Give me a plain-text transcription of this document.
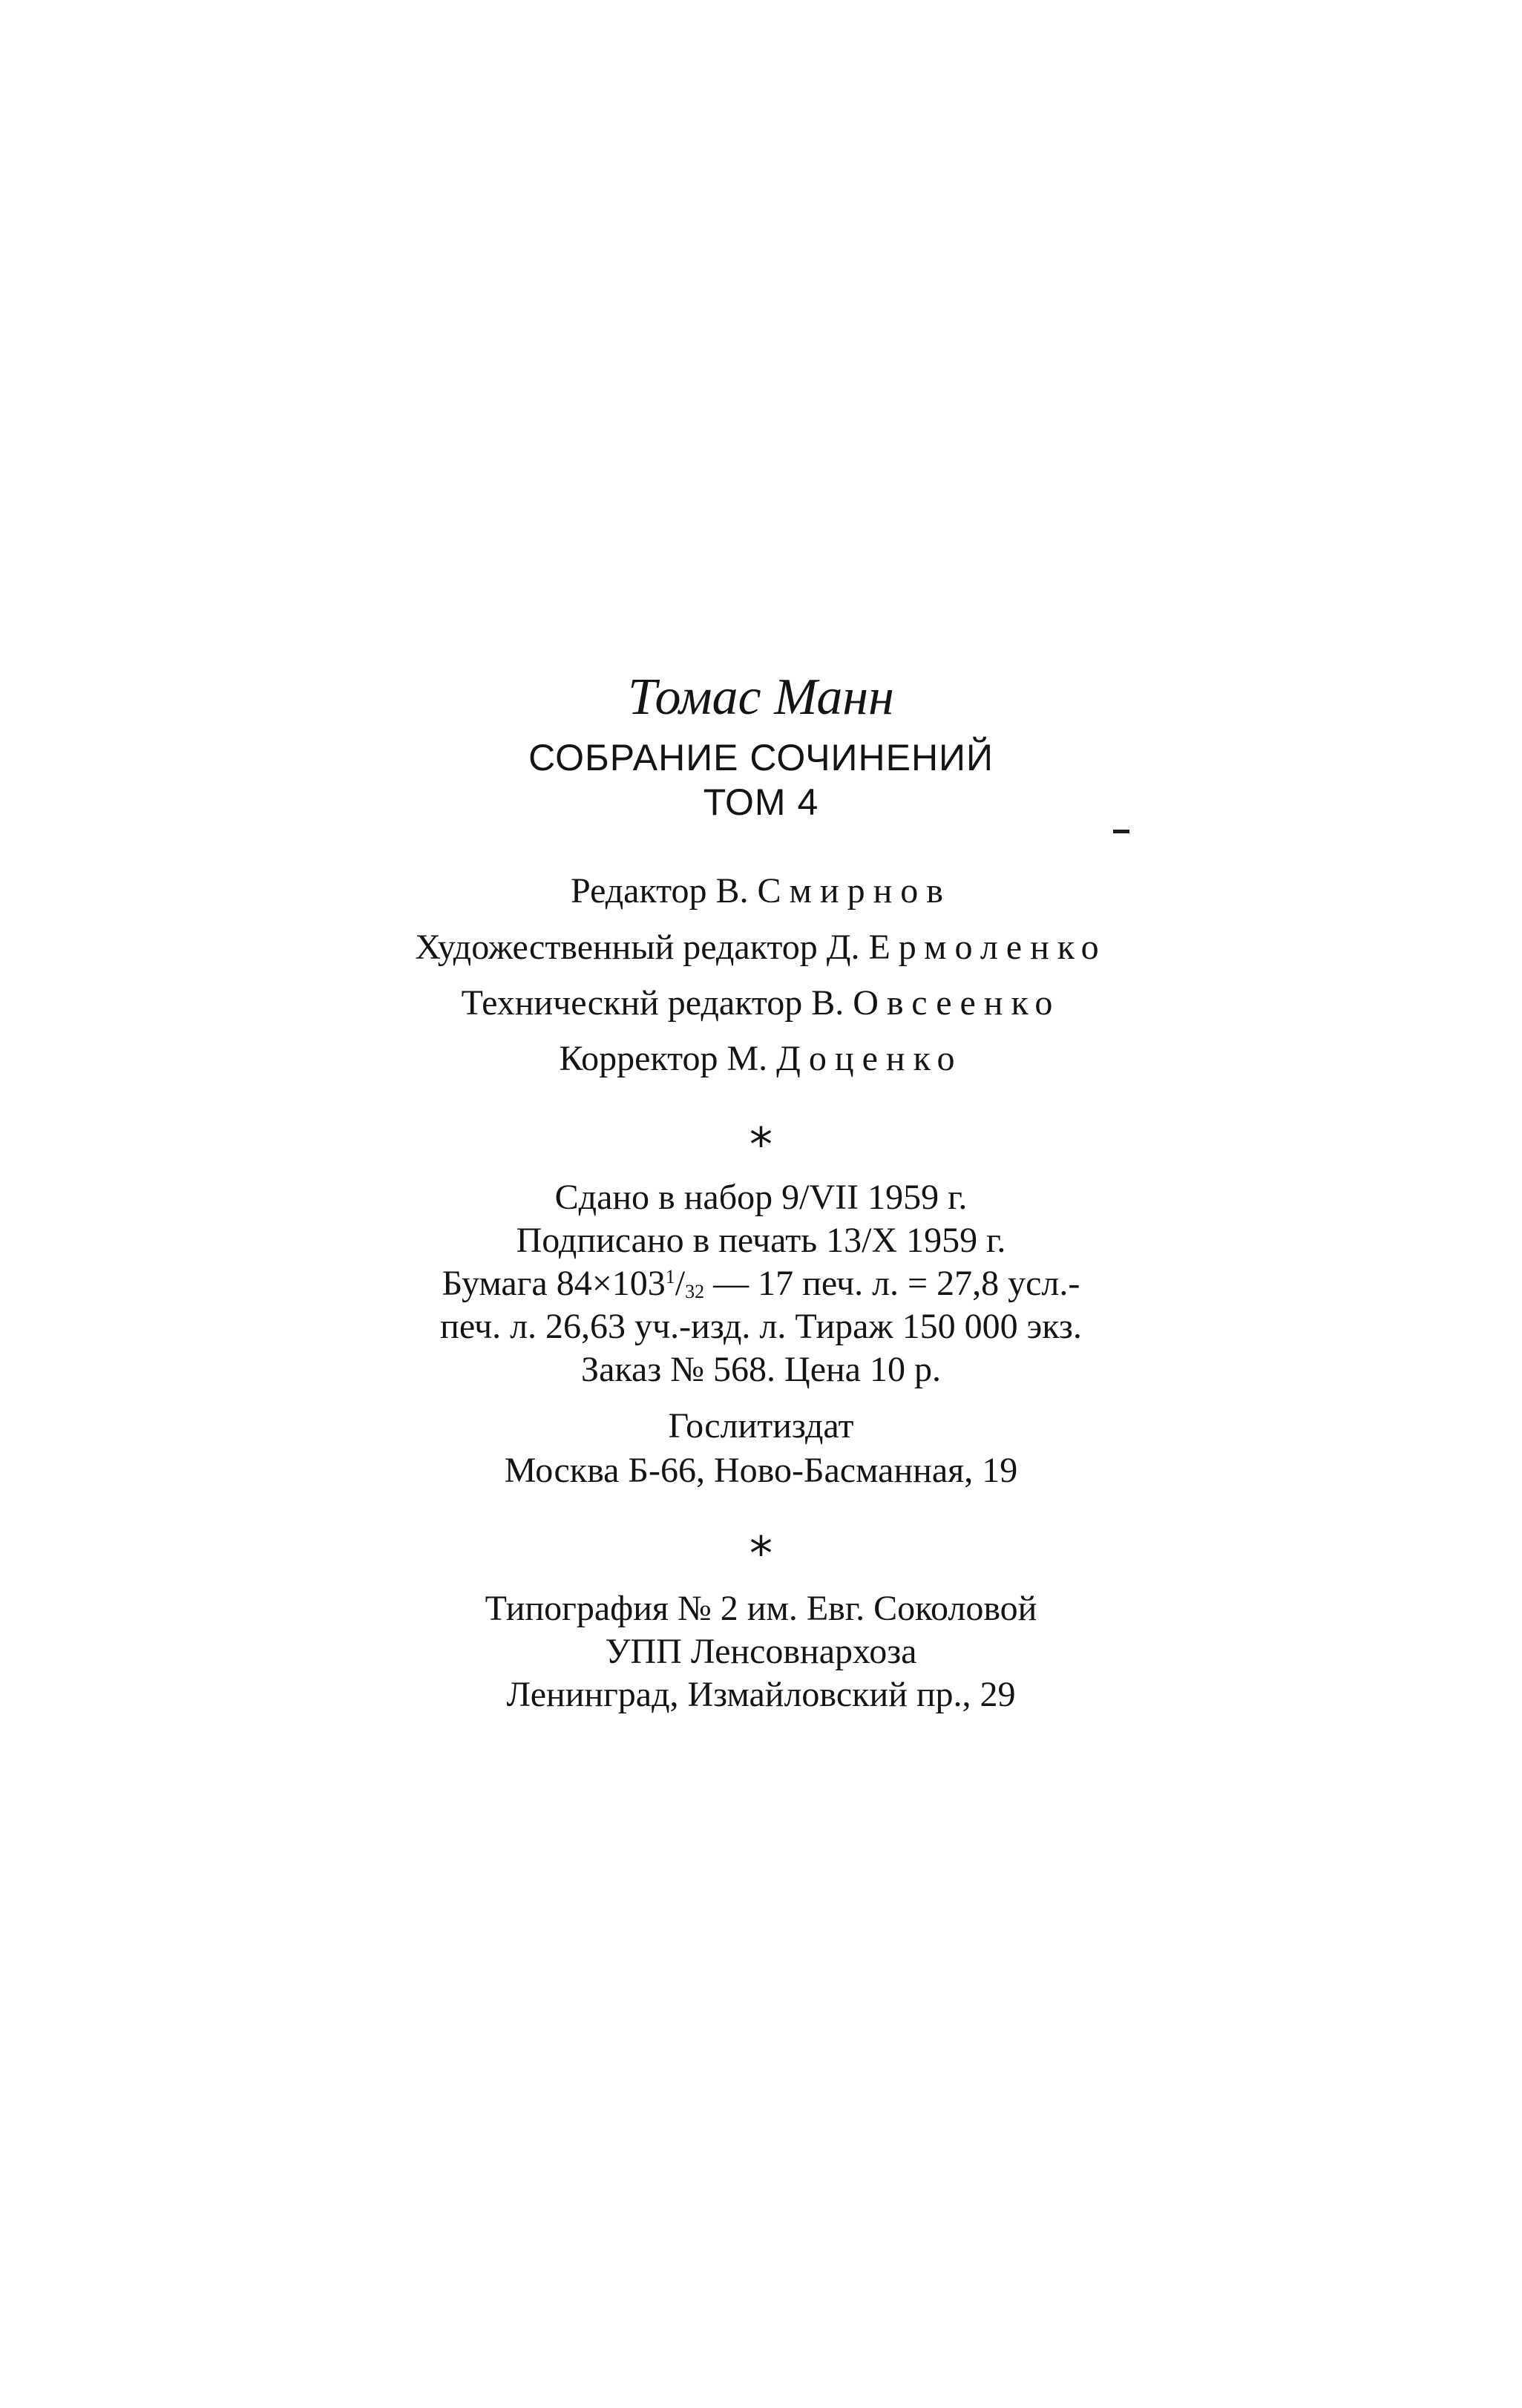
Томас Манн
СОБРАНИЕ СОЧИНЕНИЙ
ТОМ 4
Редактор В. Смирнов
Художественный редактор Д. Ермоленко
Техническнй редактор В. Овсеенко
Корректор М. Доценко
⁎
Сдано в набор 9/VII 1959 г.
Подписано в печать 13/X 1959 г.
Бумага $84\times 103^1/32$ — 17 печ. л. = 27,8 усл.-
печ. л. 26,63 уч.-изд. л. Тираж 150 000 экз.
Заказ № 568. Цена 10 р.
Гослитиздат
Москва Б-66, Ново-Басманная, 19
⁎
Типография № 2 им. Евг. Соколовой
УПП Ленсовнархоза
Ленинград, Измайловский пр., 29
